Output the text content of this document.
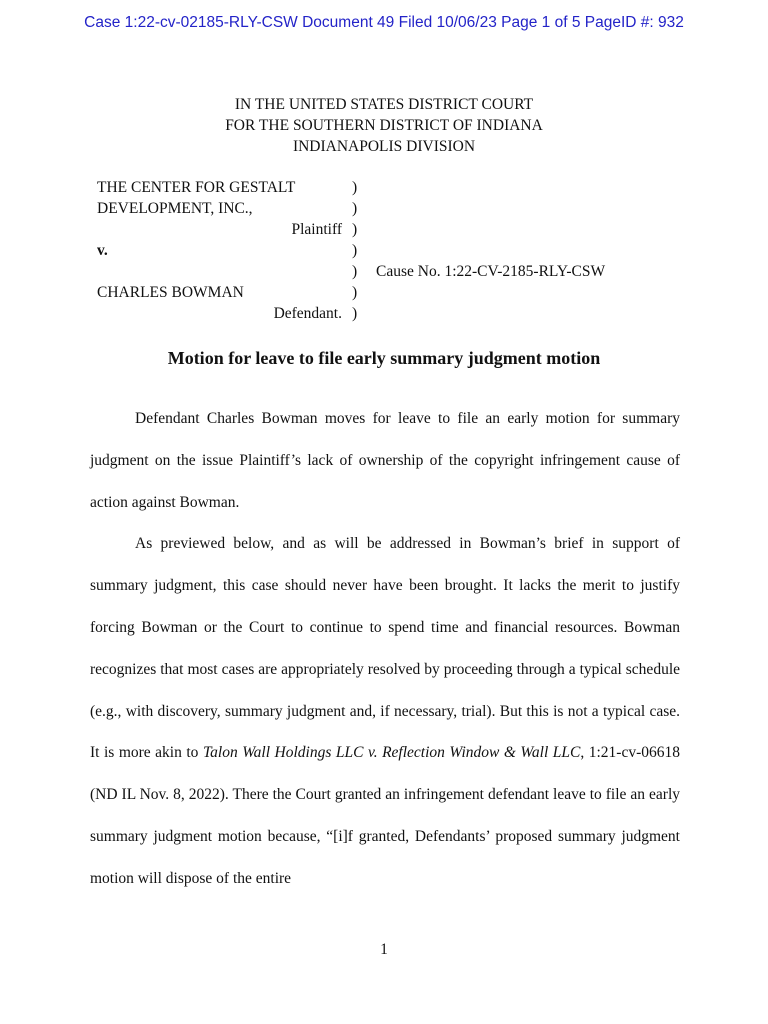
Case 1:22-cv-02185-RLY-CSW Document 49 Filed 10/06/23 Page 1 of 5 PageID #: 932
IN THE UNITED STATES DISTRICT COURT
FOR THE SOUTHERN DISTRICT OF INDIANA
INDIANAPOLIS DIVISION
THE CENTER FOR GESTALT	)
DEVELOPMENT, INC.,	)
Plaintiff )
v.	)
) Cause No. 1:22-CV-2185-RLY-CSW
CHARLES BOWMAN	)
Defendant. )
Motion for leave to file early summary judgment motion

Defendant Charles Bowman moves for leave to file an early motion for summary judgment on the issue Plaintiff’s lack of ownership of the copyright infringement cause of action against Bowman.

As previewed below, and as will be addressed in Bowman’s brief in support of summary judgment, this case should never have been brought. It lacks the merit to justify forcing Bowman or the Court to continue to spend time and financial resources. Bowman recognizes that most cases are appropriately resolved by proceeding through a typical schedule (e.g., with discovery, summary judgment and, if necessary, trial). But this is not a typical case. It is more akin to Talon Wall Holdings LLC v. Reflection Window & Wall LLC, 1:21-cv-06618 (ND IL Nov. 8, 2022). There the Court granted an infringement defendant leave to file an early summary judgment motion because, “[i]f granted, Defendants’ proposed summary judgment motion will dispose of the entire

1
